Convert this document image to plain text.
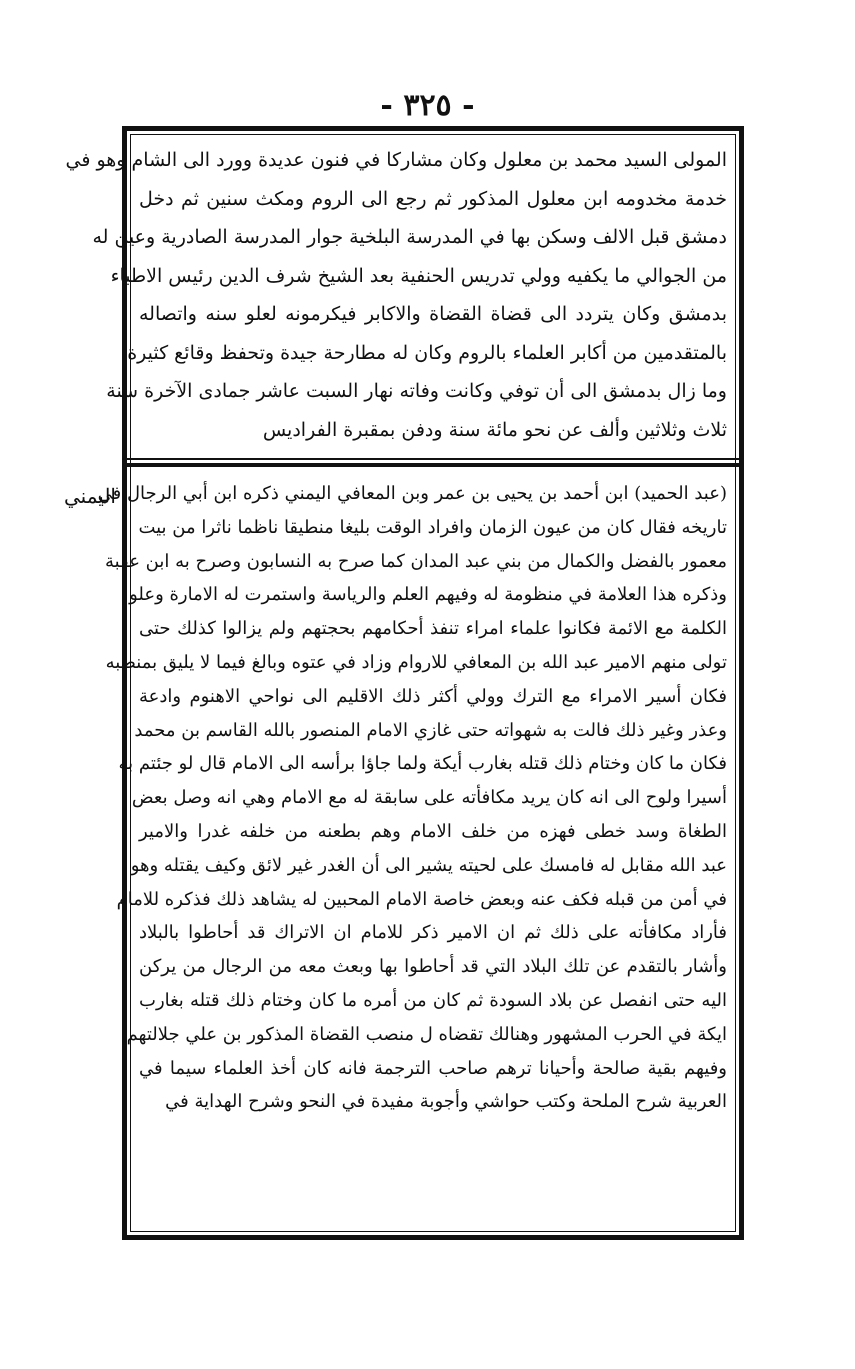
- ٣٢٥ -
اليمني
المولى السيد محمد بن معلول وكان مشاركا في فنون عديدة وورد الى الشام وهو في
خدمة مخدومه ابن معلول المذكور ثم رجع الى الروم ومكث سنين ثم دخل
دمشق قبل الالف وسكن بها في المدرسة البلخية جوار المدرسة الصادرية وعين له
من الجوالي ما يكفيه وولي تدريس الحنفية بعد الشيخ شرف الدين رئيس الاطباء
بدمشق وكان يتردد الى قضاة القضاة والاكابر فيكرمونه لعلو سنه واتصاله
بالمتقدمين من أكابر العلماء بالروم وكان له مطارحة جيدة وتحفظ وقائع كثيرة
وما زال بدمشق الى أن توفي وكانت وفاته نهار السبت عاشر جمادى الآخرة سنة
ثلاث وثلاثين وألف عن نحو مائة سنة ودفن بمقبرة الفراديس
(عبد الحميد) ابن أحمد بن يحيى بن عمر وبن المعافي اليمني ذكره ابن أبي الرجال في
تاريخه فقال كان من عيون الزمان وافراد الوقت بليغا منطيقا ناظما ناثرا من بيت
معمور بالفضل والكمال من بني عبد المدان كما صرح به النسابون وصرح به ابن عقبة
وذكره هذا العلامة في منظومة له وفيهم العلم والرياسة واستمرت له الامارة وعلو
الكلمة مع الائمة فكانوا علماء امراء تنفذ أحكامهم بحجتهم ولم يزالوا كذلك حتى
تولى منهم الامير عبد الله بن المعافي للاروام وزاد في عتوه وبالغ فيما لا يليق بمنصبه
فكان أسير الامراء مع الترك وولي أكثر ذلك الاقليم الى نواحي الاهنوم وادعة
وعذر وغير ذلك فالت به شهواته حتى غازي الامام المنصور بالله القاسم بن محمد
فكان ما كان وختام ذلك قتله بغارب أيكة ولما جاؤا برأسه الى الامام قال لو جئتم به
أسيرا ولوح الى انه كان يريد مكافأته على سابقة له مع الامام وهي انه وصل بعض
الطغاة وسد خطى فهزه من خلف الامام وهم بطعنه من خلفه غدرا والامير
عبد الله مقابل له فامسك على لحيته يشير الى أن الغدر غير لائق وكيف يقتله وهو
في أمن من قبله فكف عنه وبعض خاصة الامام المحبين له يشاهد ذلك فذكره للامام
فأراد مكافأته على ذلك ثم ان الامير ذكر للامام ان الاتراك قد أحاطوا بالبلاد
وأشار بالتقدم عن تلك البلاد التي قد أحاطوا بها وبعث معه من الرجال من يركن
اليه حتى انفصل عن بلاد السودة ثم كان من أمره ما كان وختام ذلك قتله بغارب
ايكة في الحرب المشهور وهنالك تقضاه ل منصب القضاة المذكور بن علي جلالتهم
وفيهم بقية صالحة وأحيانا ترهم صاحب الترجمة فانه كان أخذ العلماء سيما في
العربية شرح الملحة وكتب حواشي وأجوبة مفيدة في النحو وشرح الهداية في
